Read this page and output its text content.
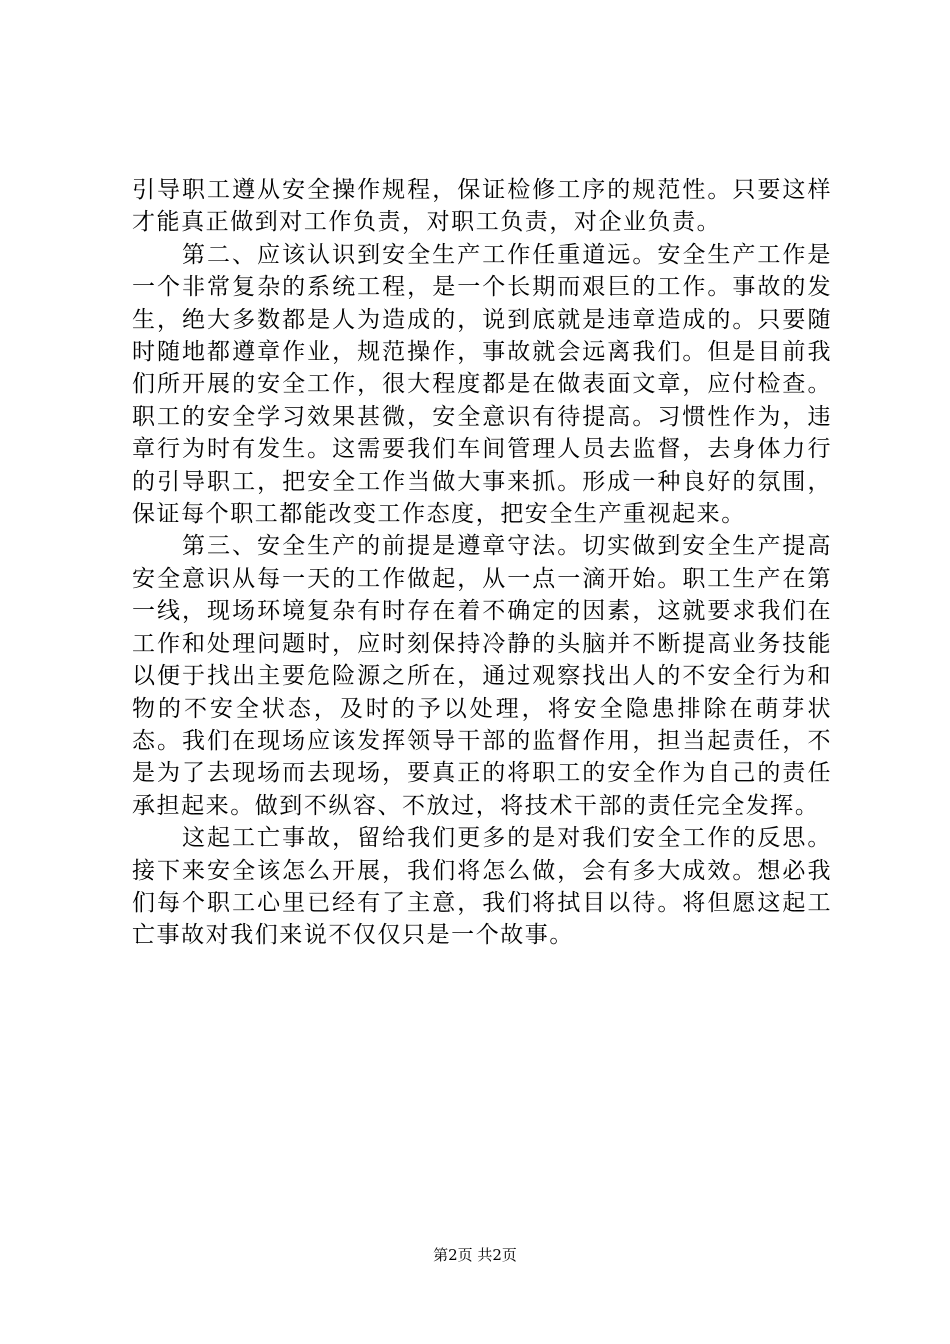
引导职工遵从安全操作规程，保证检修工序的规范性。只要这样才能真正做到对工作负责，对职工负责，对企业负责。

第二、应该认识到安全生产工作任重道远。安全生产工作是一个非常复杂的系统工程，是一个长期而艰巨的工作。事故的发生，绝大多数都是人为造成的，说到底就是违章造成的。只要随时随地都遵章作业，规范操作，事故就会远离我们。但是目前我们所开展的安全工作，很大程度都是在做表面文章，应付检查。职工的安全学习效果甚微，安全意识有待提高。习惯性作为，违章行为时有发生。这需要我们车间管理人员去监督，去身体力行的引导职工，把安全工作当做大事来抓。形成一种良好的氛围，保证每个职工都能改变工作态度，把安全生产重视起来。

第三、安全生产的前提是遵章守法。切实做到安全生产提高安全意识从每一天的工作做起，从一点一滴开始。职工生产在第一线，现场环境复杂有时存在着不确定的因素，这就要求我们在工作和处理问题时，应时刻保持冷静的头脑并不断提高业务技能以便于找出主要危险源之所在，通过观察找出人的不安全行为和物的不安全状态，及时的予以处理，将安全隐患排除在萌芽状态。我们在现场应该发挥领导干部的监督作用，担当起责任，不是为了去现场而去现场，要真正的将职工的安全作为自己的责任承担起来。做到不纵容、不放过，将技术干部的责任完全发挥。

这起工亡事故，留给我们更多的是对我们安全工作的反思。接下来安全该怎么开展，我们将怎么做，会有多大成效。想必我们每个职工心里已经有了主意，我们将拭目以待。将但愿这起工亡事故对我们来说不仅仅只是一个故事。

第2页 共2页
